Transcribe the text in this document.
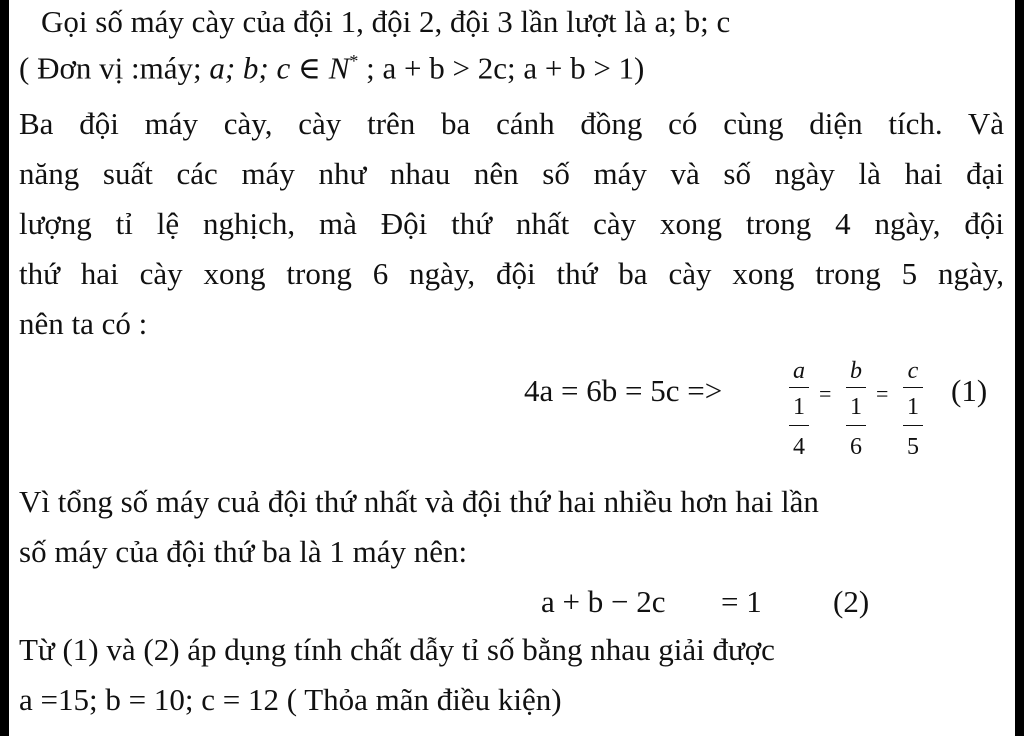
Gọi số máy cày của đội 1, đội 2, đội 3 lần lượt là a; b; c
( Đơn vị :máy; a; b; c ∈ N* ; a + b > 2c; a + b > 1)
Ba đội máy cày, cày trên ba cánh đồng có cùng diện tích. Và
năng suất các máy như nhau nên số máy và số ngày là hai đại
lượng tỉ lệ nghịch, mà Đội thứ nhất cày xong trong 4 ngày, đội
thứ hai cày xong trong 6 ngày, đội thứ ba cày xong trong 5 ngày,
nên ta có :
4a = 6b = 5c =>
a
1
4
=
b
1
6
=
c
1
5
(1)
Vì tổng số máy cuả đội thứ nhất và đội thứ hai nhiều hơn hai lần
số máy của đội thứ ba là 1 máy nên:
a + b − 2c = 1 (2)
Từ (1) và (2) áp dụng tính chất dẫy tỉ số bằng nhau giải được
a =15; b = 10; c = 12 ( Thỏa mãn điều kiện)
